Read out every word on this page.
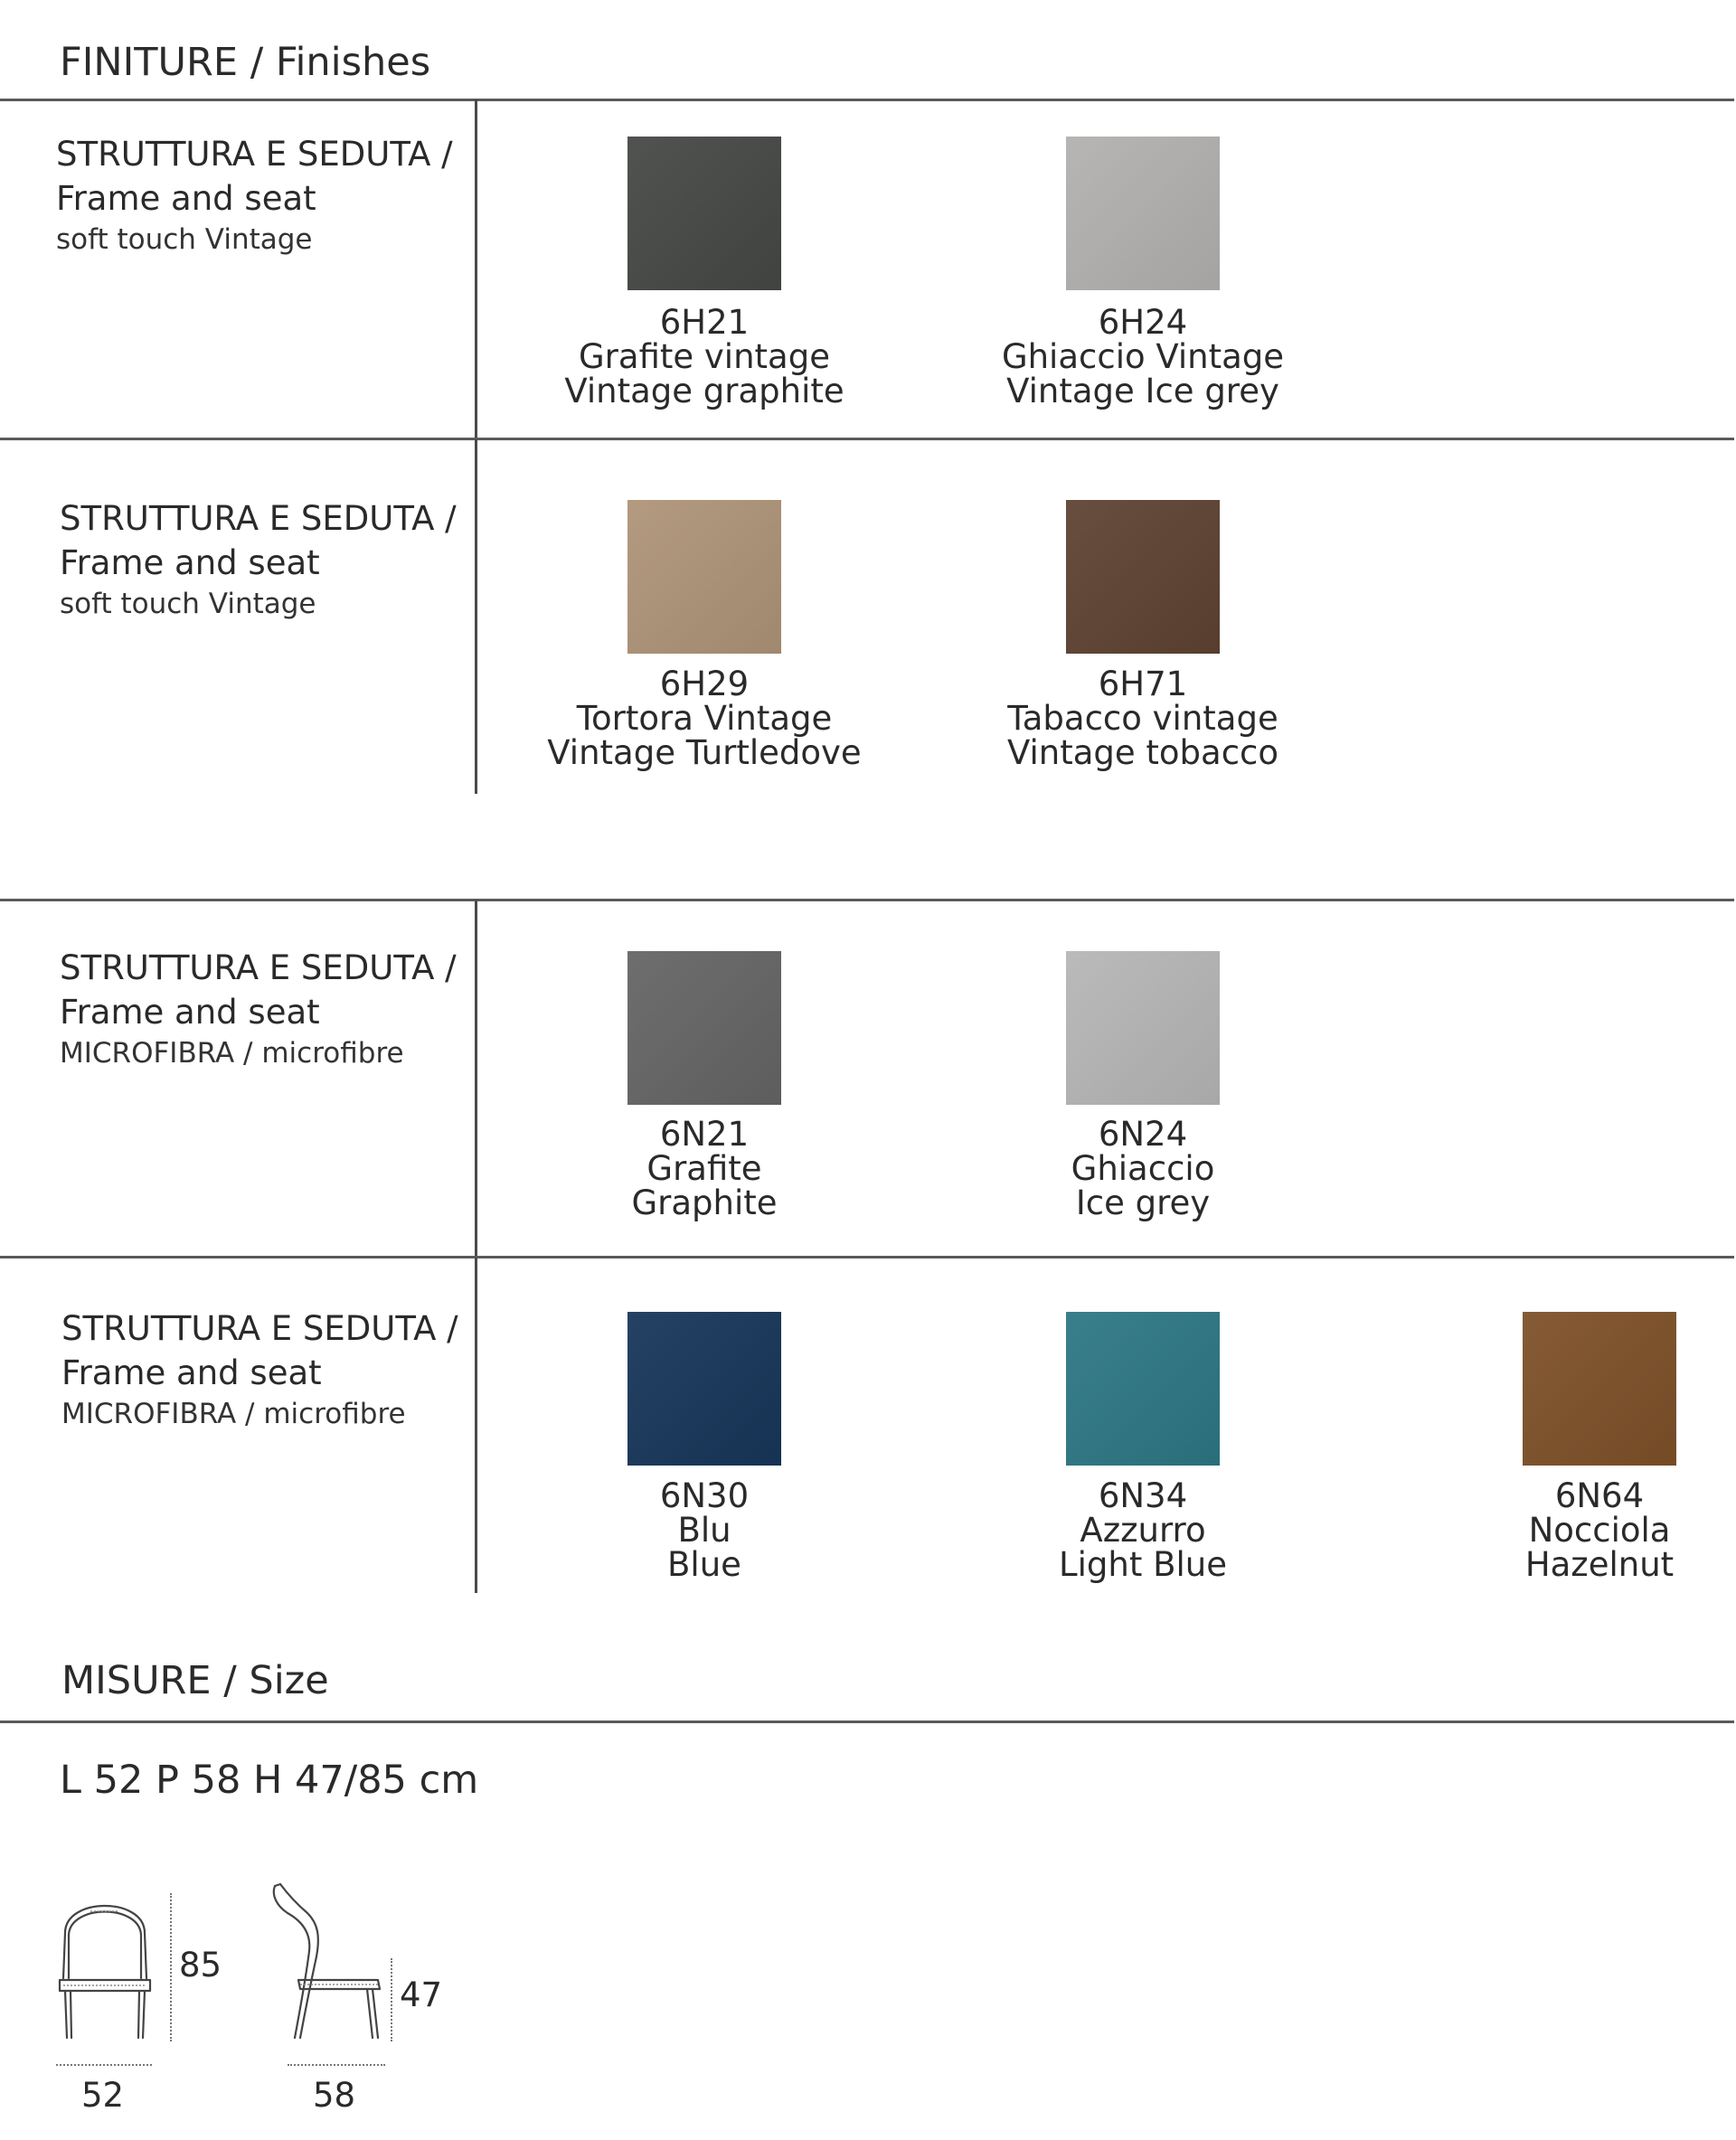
FINITURE / Finishes
STRUTTURA E SEDUTA /
Frame and seat
soft touch Vintage
6H21
Grafite vintage
Vintage graphite
6H24
Ghiaccio Vintage
Vintage Ice grey
STRUTTURA E SEDUTA /
Frame and seat
soft touch Vintage
6H29
Tortora Vintage
Vintage Turtledove
6H71
Tabacco vintage
Vintage tobacco
STRUTTURA E SEDUTA /
Frame and seat
MICROFIBRA / microfibre
6N21
Grafite
Graphite
6N24
Ghiaccio
Ice grey
STRUTTURA E SEDUTA /
Frame and seat
MICROFIBRA / microfibre
6N30
Blu
Blue
6N34
Azzurro
Light Blue
6N64
Nocciola
Hazelnut
MISURE / Size
L 52 P 58 H 47/85 cm
85
52
47
58
